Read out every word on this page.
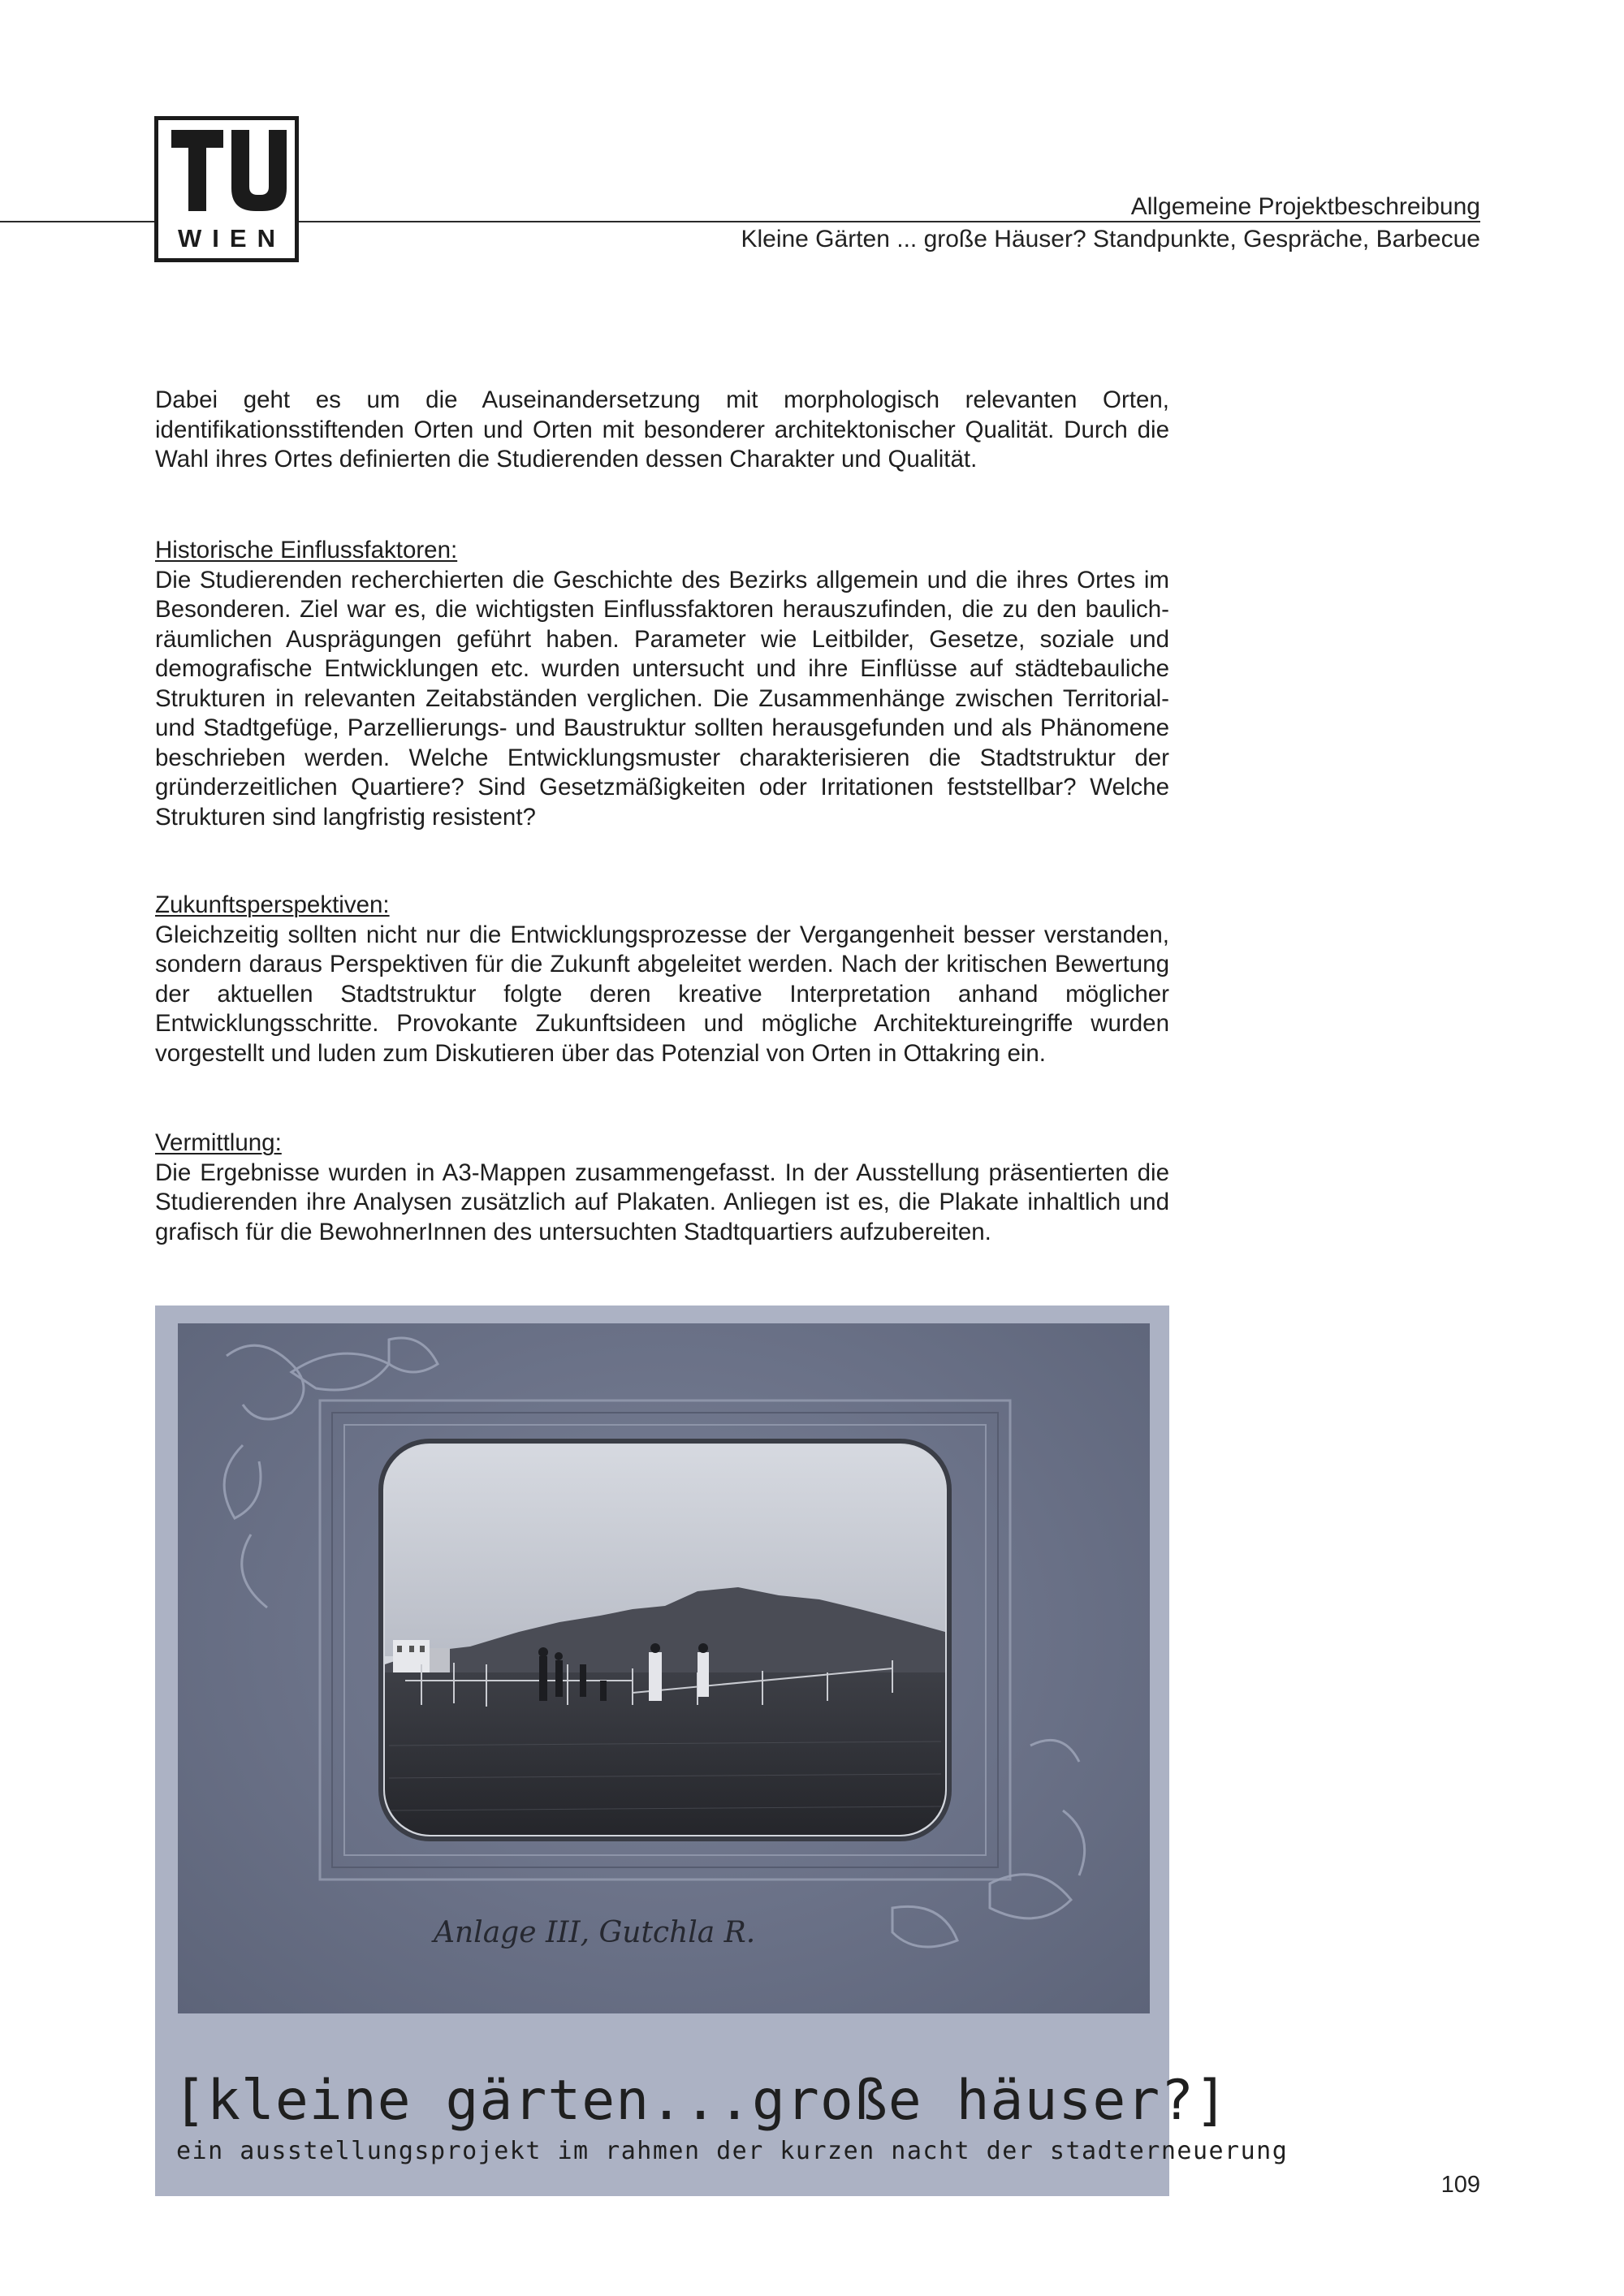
WIEN
Allgemeine Projektbeschreibung
Kleine Gärten ... große Häuser? Standpunkte, Gespräche, Barbecue

Dabei geht es um die Auseinandersetzung mit morphologisch relevanten Orten, identifikationsstiftenden Orten und Orten mit besonderer architektonischer Qualität. Durch die Wahl ihres Ortes definierten die Studierenden dessen Charakter und Qualität.

Historische Einflussfaktoren:

Die Studierenden recherchierten die Geschichte des Bezirks allgemein und die ihres Ortes im Besonderen. Ziel war es, die wichtigsten Einflussfaktoren herauszufinden, die zu den baulich-räumlichen Ausprägungen geführt haben. Parameter wie Leitbilder, Gesetze, soziale und demografische Entwicklungen etc. wurden untersucht und ihre Einflüsse auf städtebauliche Strukturen in relevanten Zeitabständen verglichen. Die Zusammenhänge zwischen Territorial- und Stadtgefüge, Parzellierungs- und Baustruktur sollten herausgefunden und als Phänomene beschrieben werden. Welche Entwicklungsmuster charakterisieren die Stadtstruktur der gründerzeitlichen Quartiere? Sind Gesetzmäßigkeiten oder Irritationen feststellbar? Welche Strukturen sind langfristig resistent?

Zukunftsperspektiven:

Gleichzeitig sollten nicht nur die Entwicklungsprozesse der Vergangenheit besser verstanden, sondern daraus Perspektiven für die Zukunft abgeleitet werden. Nach der kritischen Bewertung der aktuellen Stadtstruktur folgte deren kreative Interpretation anhand möglicher Entwicklungsschritte. Provokante Zukunftsideen und mögliche Architektureingriffe wurden vorgestellt und luden zum Diskutieren über das Potenzial von Orten in Ottakring ein.

Vermittlung:

Die Ergebnisse wurden in A3-Mappen zusammengefasst. In der Ausstellung präsentierten die Studierenden ihre Analysen zusätzlich auf Plakaten. Anliegen ist es, die Plakate inhaltlich und grafisch für die BewohnerInnen des untersuchten Stadtquartiers aufzubereiten.

Anlage III, Gutchla R.
[kleine gärten...große häuser?]
ein ausstellungsprojekt im rahmen der kurzen nacht der stadterneuerung
109
